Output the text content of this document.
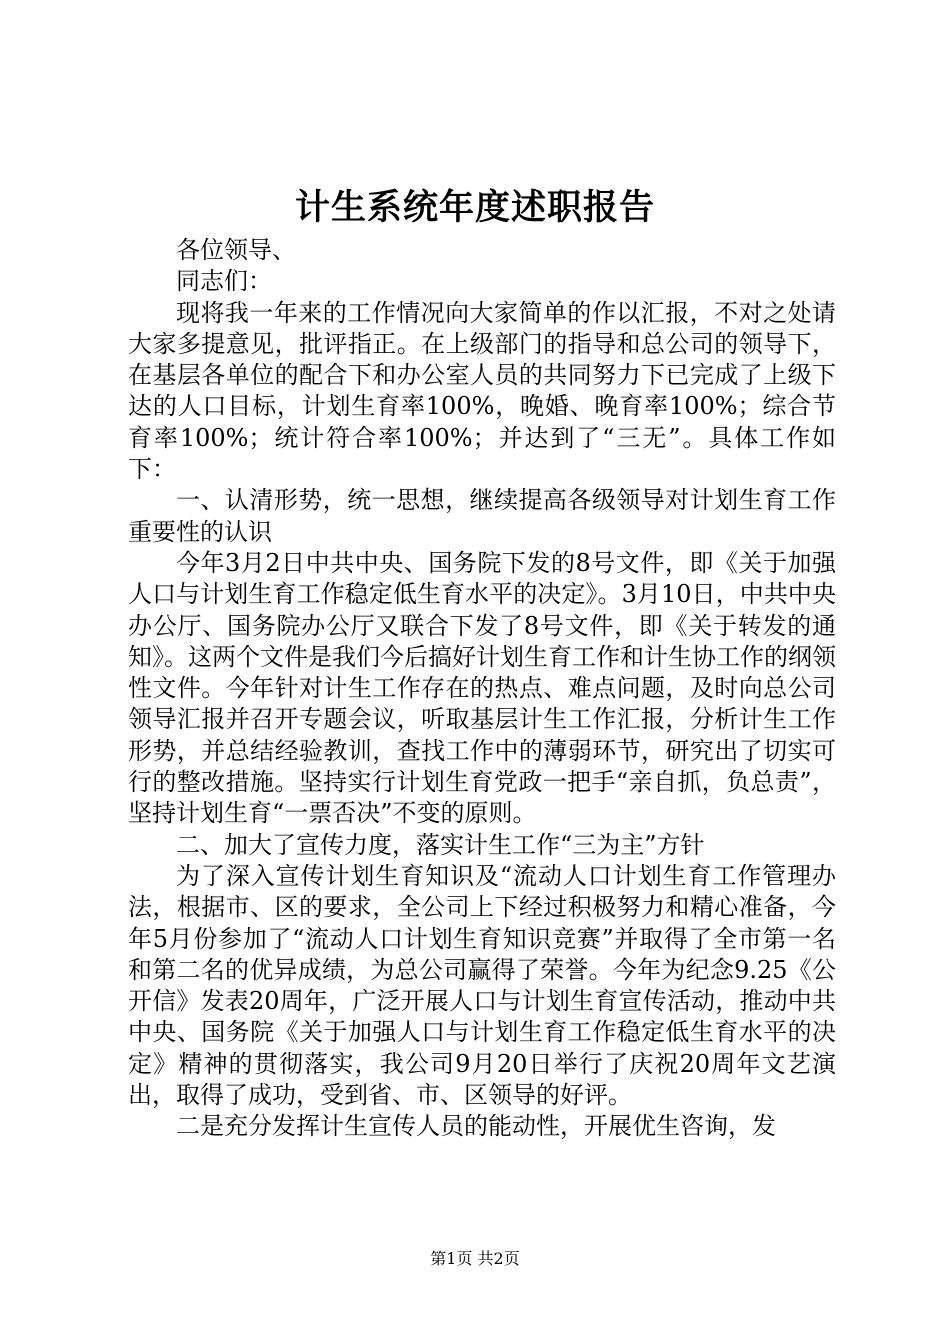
计生系统年度述职报告

各位领导、

同志们：

现将我一年来的工作情况向大家简单的作以汇报，不对之处请大家多提意见，批评指正。在上级部门的指导和总公司的领导下，在基层各单位的配合下和办公室人员的共同努力下已完成了上级下达的人口目标，计划生育率100%，晚婚、晚育率100%；综合节育率100%；统计符合率100%；并达到了“三无”。具体工作如下：

一、认清形势，统一思想，继续提高各级领导对计划生育工作重要性的认识

今年3月2日中共中央、国务院下发的8号文件，即《关于加强人口与计划生育工作稳定低生育水平的决定》。3月10日，中共中央办公厅、国务院办公厅又联合下发了8号文件，即《关于转发的通知》。这两个文件是我们今后搞好计划生育工作和计生协工作的纲领性文件。今年针对计生工作存在的热点、难点问题，及时向总公司领导汇报并召开专题会议，听取基层计生工作汇报，分析计生工作形势，并总结经验教训，查找工作中的薄弱环节，研究出了切实可行的整改措施。坚持实行计划生育党政一把手“亲自抓，负总责”，坚持计划生育“一票否决”不变的原则。

二、加大了宣传力度，落实计生工作“三为主”方针

为了深入宣传计划生育知识及“流动人口计划生育工作管理办法，根据市、区的要求，全公司上下经过积极努力和精心准备，今年5月份参加了“流动人口计划生育知识竞赛”并取得了全市第一名和第二名的优异成绩，为总公司赢得了荣誉。今年为纪念9.25《公开信》发表20周年，广泛开展人口与计划生育宣传活动，推动中共中央、国务院《关于加强人口与计划生育工作稳定低生育水平的决定》精神的贯彻落实，我公司9月20日举行了庆祝20周年文艺演出，取得了成功，受到省、市、区领导的好评。

二是充分发挥计生宣传人员的能动性，开展优生咨询，发

第1页 共2页
